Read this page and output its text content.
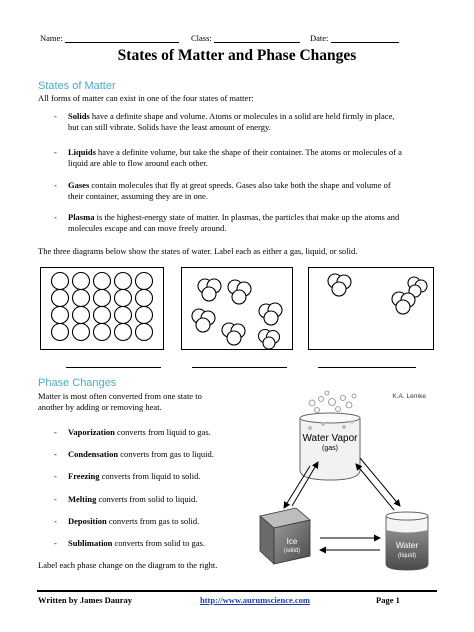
Name:	Class:	Date:
States of Matter and Phase Changes
States of Matter
All forms of matter can exist in one of the four states of matter:
- Solids have a definite shape and volume. Atoms or molecules in a solid are held firmly in place,
but can still vibrate. Solids have the least amount of energy.
- Liquids have a definite volume, but take the shape of their container. The atoms or molecules of a
liquid are able to flow around each other.
- Gases contain molecules that fly at great speeds. Gases also take both the shape and volume of
their container, assuming they are in one.
- Plasma is the highest-energy state of matter. In plasmas, the particles that make up the atoms and
molecules escape and can move freely around.
The three diagrams below show the states of water. Label each as either a gas, liquid, or solid.
Phase Changes
Matter is most often converted from one state to
another by adding or removing heat.
- Vaporization converts from liquid to gas.
- Condensation converts from gas to liquid.
- Freezing converts from liquid to solid.
- Melting converts from solid to liquid.
- Deposition converts from gas to solid.
- Sublimation converts from solid to gas.
Label each phase change on the diagram to the right.
Water Vapor
(gas)
K.A. Lemke
Ice
(solid)
Water
(liquid)
Written by James Dauray	http://www.aurumscience.com	Page 1
